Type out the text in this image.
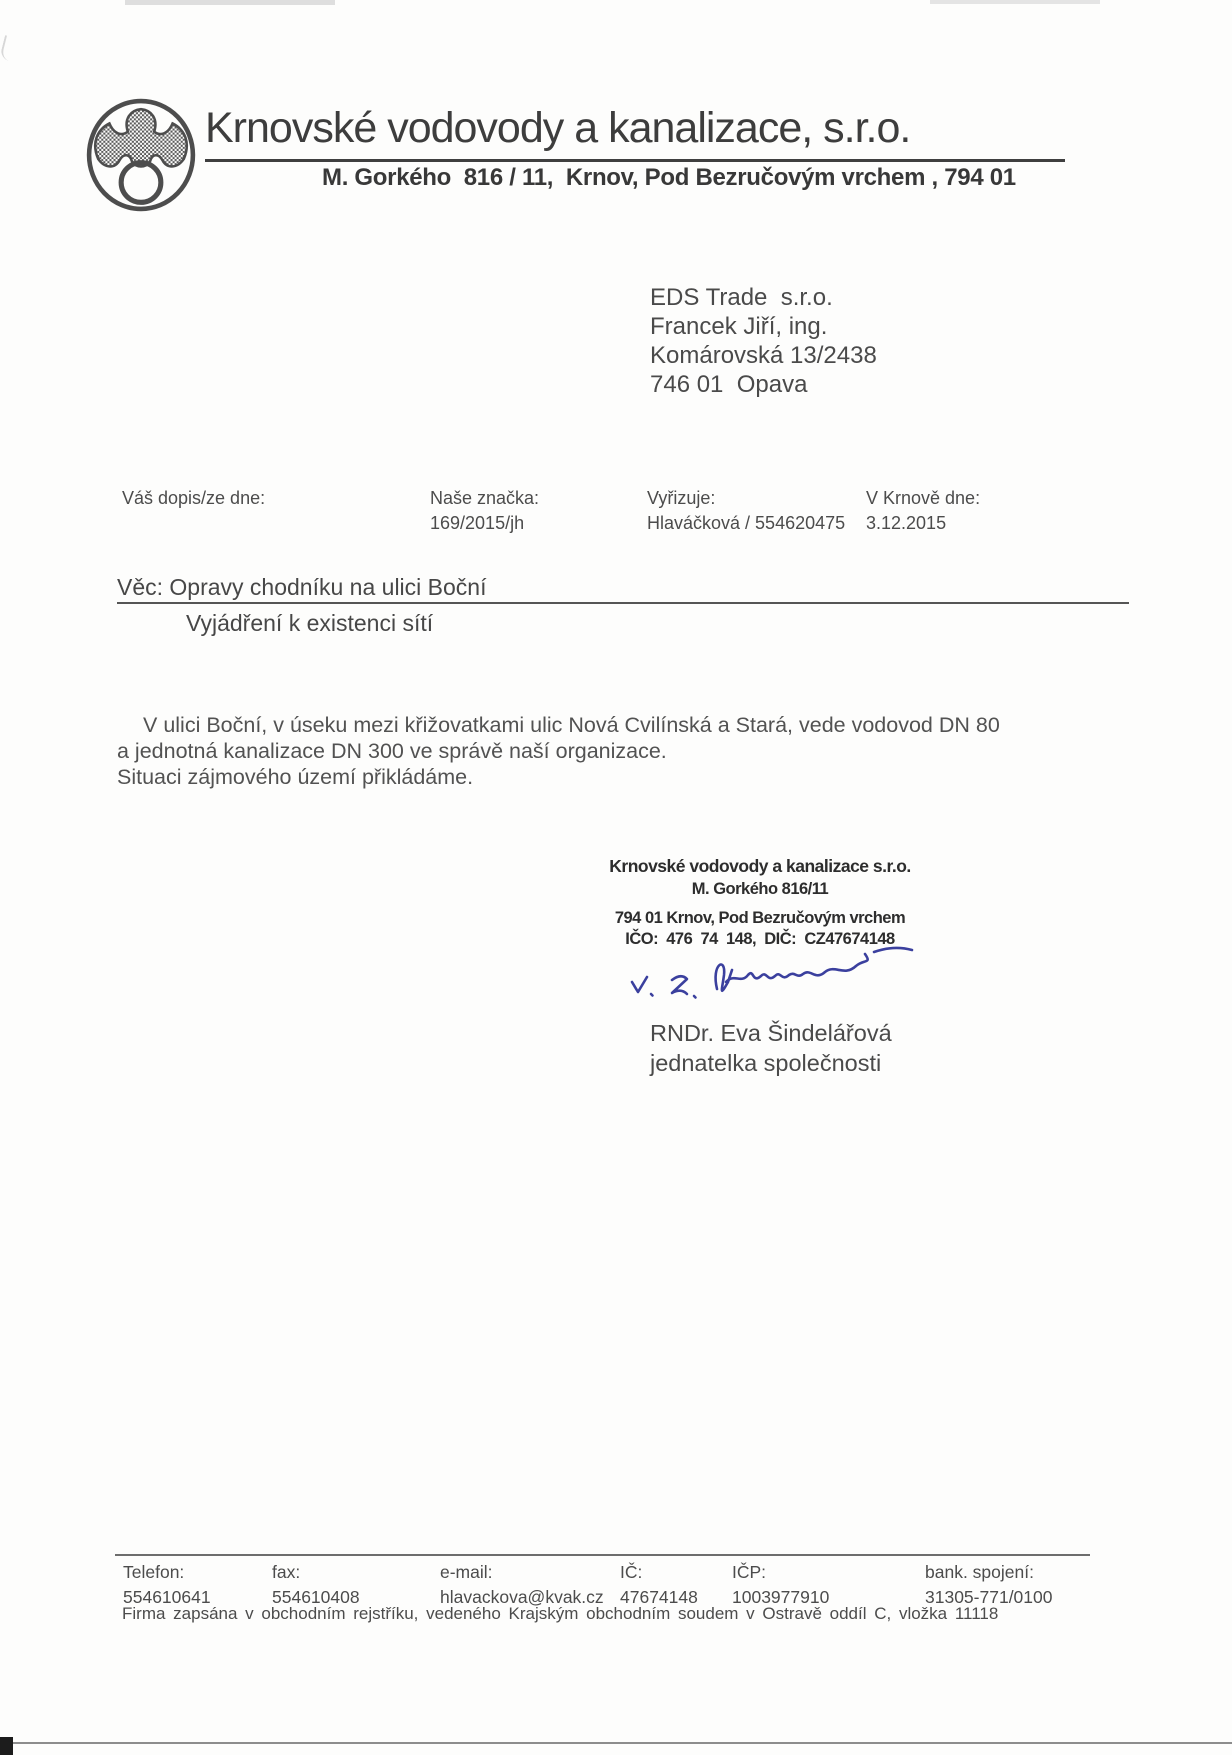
Krnovské vodovody a kanalizace, s.r.o.
M. Gorkého  816 / 11,  Krnov, Pod Bezručovým vrchem , 794 01
EDS Trade  s.r.o.
Francek Jiří, ing.
Komárovská 13/2438
746 01  Opava
Váš dopis/ze dne:	Naše značka:
169/2015/jh
Vyřizuje:
Hlaváčková / 554620475
V Krnově dne:
3.12.2015
Věc: Opravy chodníku na ulici Boční
Vyjádření k existenci sítí
V ulici Boční, v úseku mezi křižovatkami ulic Nová Cvilínská a Stará, vede vodovod DN 80
a jednotná kanalizace DN 300 ve správě naší organizace.
Situaci zájmového území přikládáme.
Krnovské vodovody a kanalizace s.r.o.
M. Gorkého 816/11
794 01 Krnov, Pod Bezručovým vrchem
IČO:  476  74  148,  DIČ:  CZ47674148
RNDr. Eva Šindelářová
jednatelka společnosti
Telefon:
554610641
fax:
554610408
e-mail:
hlavackova@kvak.cz
IČ:
47674148
IČP:
1003977910
bank. spojení:
31305-771/0100
Firma zapsána v obchodním rejstříku, vedeného Krajským obchodním soudem v Ostravě oddíl C, vložka 11118
